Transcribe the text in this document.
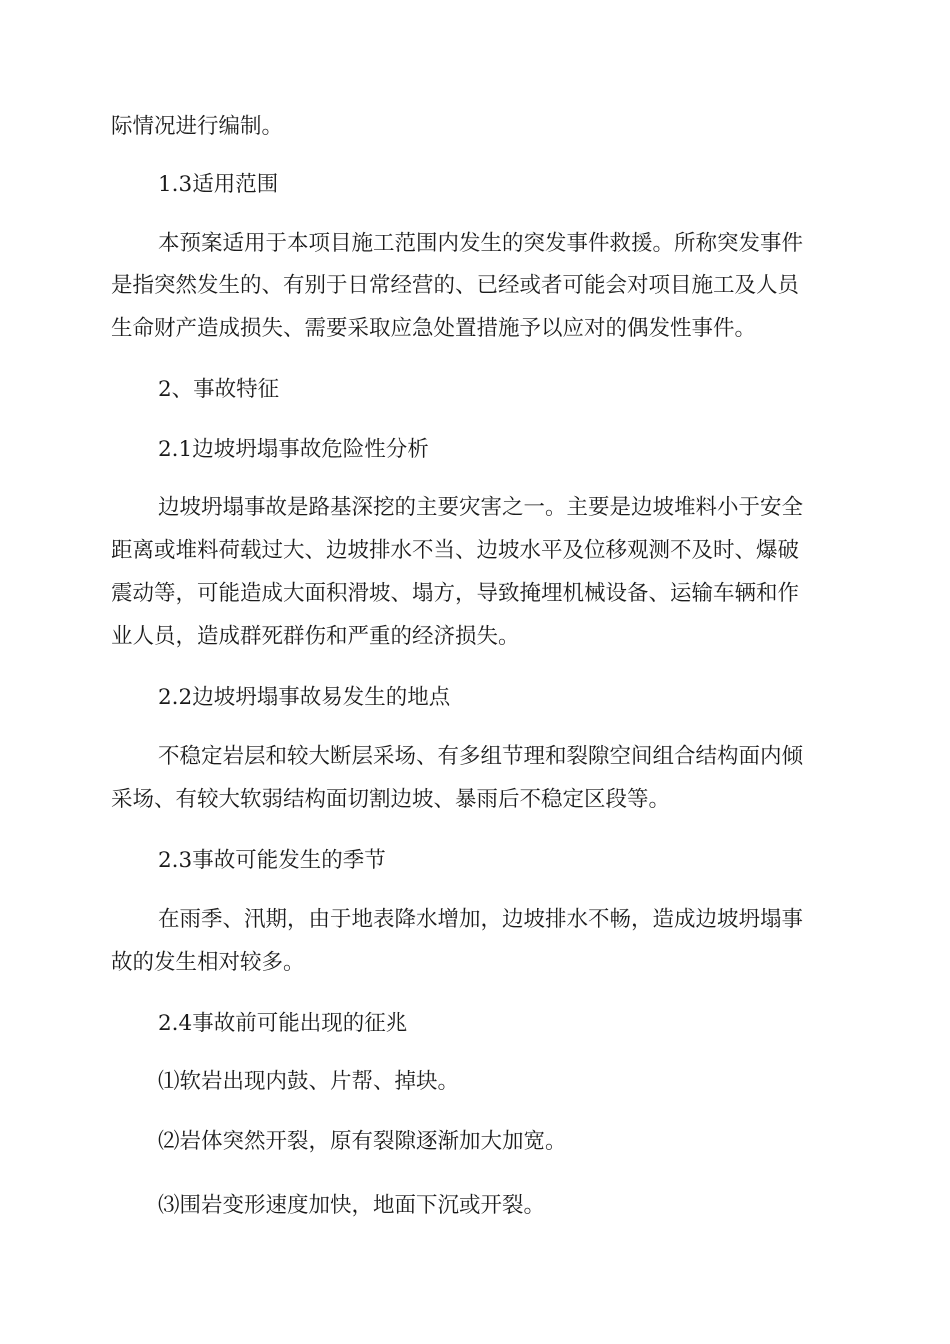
际情况进行编制。
1.3适用范围
本预案适用于本项目施工范围内发生的突发事件救援。所称突发事件
是指突然发生的、有别于日常经营的、已经或者可能会对项目施工及人员
生命财产造成损失、需要采取应急处置措施予以应对的偶发性事件。
2、事故特征
2.1边坡坍塌事故危险性分析
边坡坍塌事故是路基深挖的主要灾害之一。主要是边坡堆料小于安全
距离或堆料荷载过大、边坡排水不当、边坡水平及位移观测不及时、爆破
震动等，可能造成大面积滑坡、塌方，导致掩埋机械设备、运输车辆和作
业人员，造成群死群伤和严重的经济损失。
2.2边坡坍塌事故易发生的地点
不稳定岩层和较大断层采场、有多组节理和裂隙空间组合结构面内倾
采场、有较大软弱结构面切割边坡、暴雨后不稳定区段等。
2.3事故可能发生的季节
在雨季、汛期，由于地表降水增加，边坡排水不畅，造成边坡坍塌事
故的发生相对较多。
2.4事故前可能出现的征兆
⑴软岩出现内鼓、片帮、掉块。
⑵岩体突然开裂，原有裂隙逐渐加大加宽。
⑶围岩变形速度加快，地面下沉或开裂。
